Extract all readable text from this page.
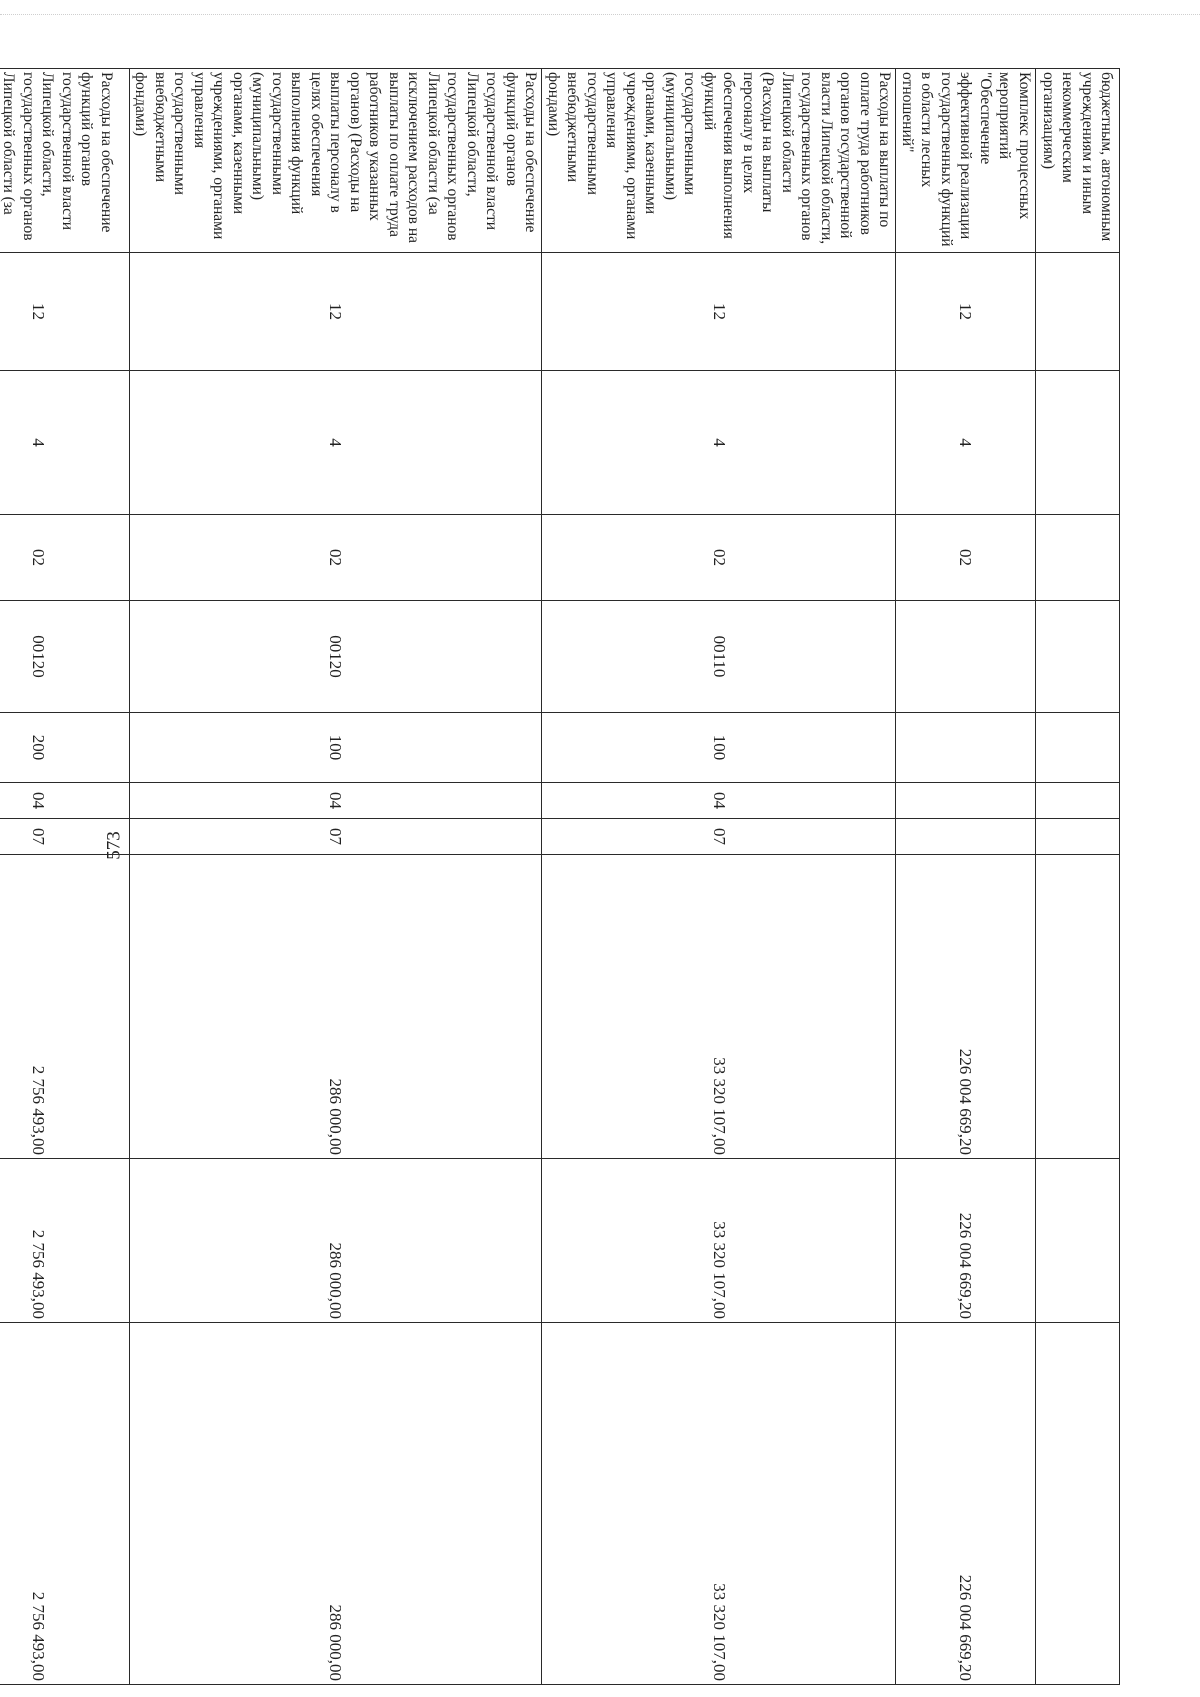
573
бюджетным, автономным учреждениям и иным некоммерческим организациям)										
Комплекс процессных мероприятий "Обеспечение эффективной реализации государственных функций в области лесных отношений"	12	4	02					226 004 669,20	226 004 669,20	226 004 669,20
Расходы на выплаты по оплате труда работников органов государственной власти Липецкой области, государственных органов Липецкой области (Расходы на выплаты персоналу в целях обеспечения выполнения функций государственными (муниципальными) органами, казенными учреждениями, органами управления государственными внебюджетными фондами)	12	4	02	00110	100	04	07	33 320 107,00	33 320 107,00	33 320 107,00
Расходы на обеспечение функций органов государственной власти Липецкой области, государственных органов Липецкой области (за исключением расходов на выплаты по оплате труда работников указанных органов) (Расходы на выплаты персоналу в целях обеспечения выполнения функций государственными (муниципальными) органами, казенными учреждениями, органами управления государственными внебюджетными фондами)	12	4	02	00120	100	04	07	286 000,00	286 000,00	286 000,00
Расходы на обеспечение функций органов государственной власти Липецкой области, государственных органов Липецкой области (за	12	4	02	00120	200	04	07	2 756 493,00	2 756 493,00	2 756 493,00
